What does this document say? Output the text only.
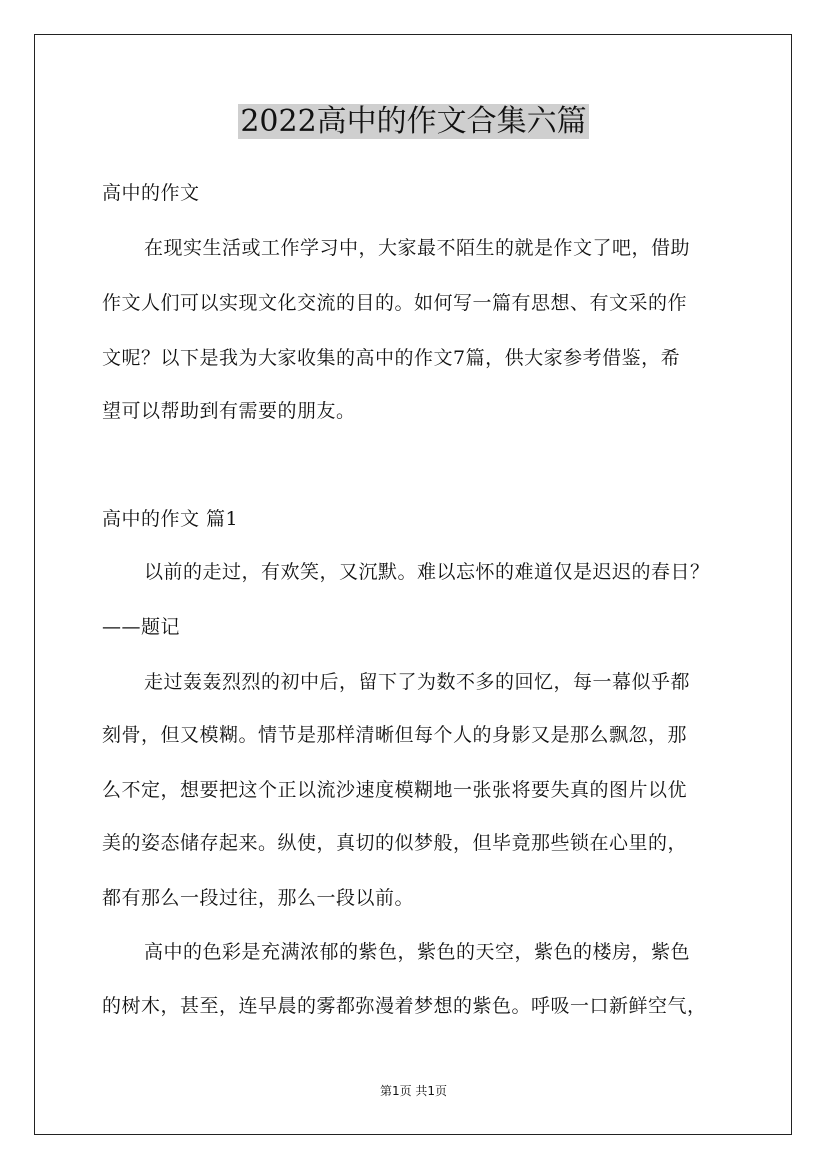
2022高中的作文合集六篇
高中的作文
在现实生活或工作学习中，大家最不陌生的就是作文了吧，借助
作文人们可以实现文化交流的目的。如何写一篇有思想、有文采的作
文呢？以下是我为大家收集的高中的作文7篇，供大家参考借鉴，希
望可以帮助到有需要的朋友。
高中的作文 篇1
以前的走过，有欢笑，又沉默。难以忘怀的难道仅是迟迟的春日？
——题记
走过轰轰烈烈的初中后，留下了为数不多的回忆，每一幕似乎都
刻骨，但又模糊。情节是那样清晰但每个人的身影又是那么飘忽，那
么不定，想要把这个正以流沙速度模糊地一张张将要失真的图片以优
美的姿态储存起来。纵使，真切的似梦般，但毕竟那些锁在心里的，
都有那么一段过往，那么一段以前。
高中的色彩是充满浓郁的紫色，紫色的天空，紫色的楼房，紫色
的树木，甚至，连早晨的雾都弥漫着梦想的紫色。呼吸一口新鲜空气，
第1页 共1页
